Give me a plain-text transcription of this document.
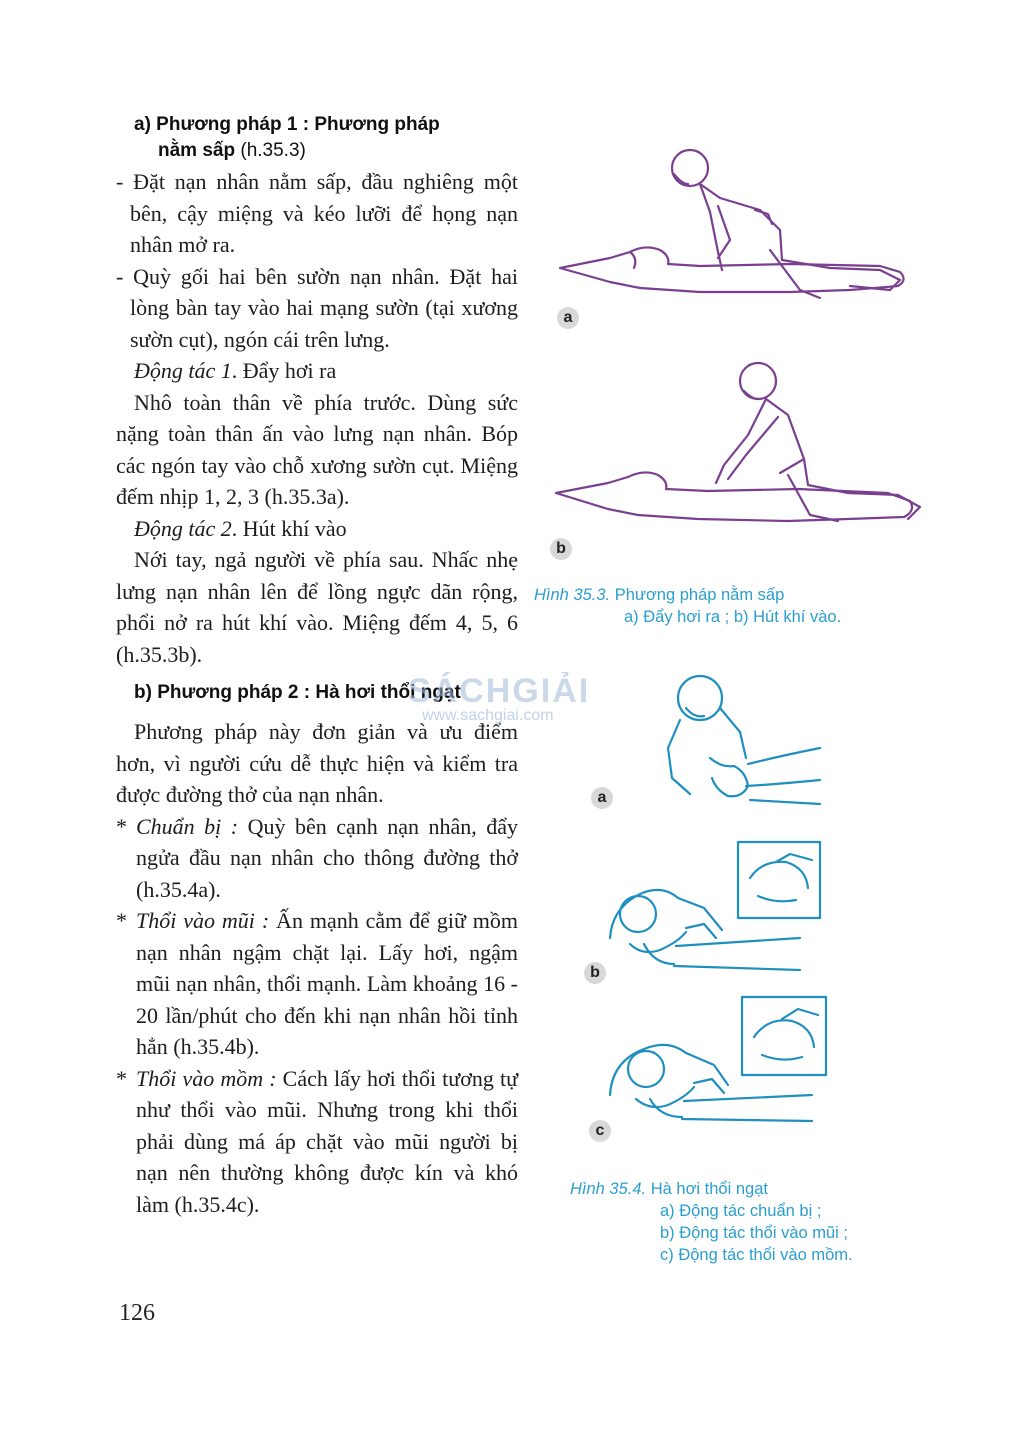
a) Phương pháp 1 : Phương pháp
nằm sấp (h.35.3)
- Đặt nạn nhân nằm sấp, đầu nghiêng một bên, cậy miệng và kéo lưỡi để họng nạn nhân mở ra.
- Quỳ gối hai bên sườn nạn nhân. Đặt hai lòng bàn tay vào hai mạng sườn (tại xương sườn cụt), ngón cái trên lưng.
Động tác 1. Đẩy hơi ra

Nhô toàn thân về phía trước. Dùng sức nặng toàn thân ấn vào lưng nạn nhân. Bóp các ngón tay vào chỗ xương sườn cụt. Miệng đếm nhịp 1, 2, 3 (h.35.3a).

Động tác 2. Hút khí vào

Nới tay, ngả người về phía sau. Nhấc nhẹ lưng nạn nhân lên để lồng ngực dãn rộng, phổi nở ra hút khí vào. Miệng đếm 4, 5, 6 (h.35.3b).

b) Phương pháp 2 : Hà hơi thổi ngạt

Phương pháp này đơn giản và ưu điểm hơn, vì người cứu dễ thực hiện và kiểm tra được đường thở của nạn nhân.

* Chuẩn bị : Quỳ bên cạnh nạn nhân, đẩy ngửa đầu nạn nhân cho thông đường thở (h.35.4a).
* Thổi vào mũi : Ấn mạnh cằm để giữ mồm nạn nhân ngậm chặt lại. Lấy hơi, ngậm mũi nạn nhân, thổi mạnh. Làm khoảng 16 - 20 lần/phút cho đến khi nạn nhân hồi tỉnh hẳn (h.35.4b).
* Thổi vào mồm : Cách lấy hơi thổi tương tự như thổi vào mũi. Nhưng trong khi thổi phải dùng má áp chặt vào mũi người bị nạn nên thường không được kín và khó làm (h.35.4c).
a
b
Hình 35.3. Phương pháp nằm sấp
a) Đẩy hơi ra ; b) Hút khí vào.
a
b
c
Hình 35.4. Hà hơi thổi ngạt

a) Động tác chuẩn bị ;
b) Động tác thổi vào mũi ;
c) Động tác thổi vào mồm.
SÁCHGIẢI
www.sachgiai.com
126
